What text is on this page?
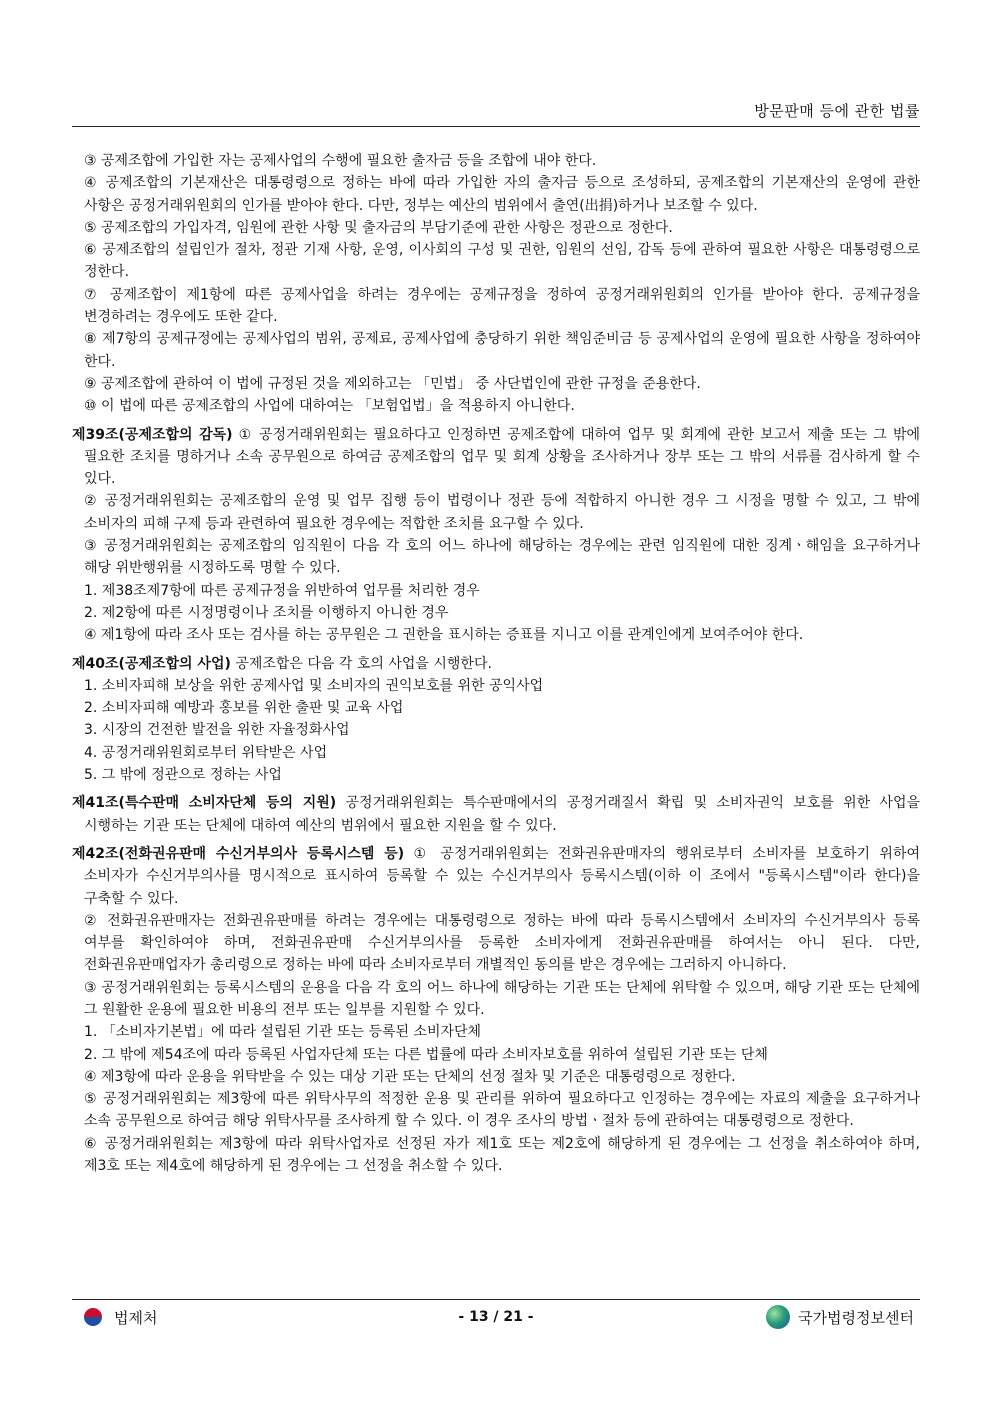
방문판매 등에 관한 법률
③ 공제조합에 가입한 자는 공제사업의 수행에 필요한 출자금 등을 조합에 내야 한다.
④ 공제조합의 기본재산은 대통령령으로 정하는 바에 따라 가입한 자의 출자금 등으로 조성하되, 공제조합의 기본재산의 운영에 관한 사항은 공정거래위원회의 인가를 받아야 한다. 다만, 정부는 예산의 범위에서 출연(出捐)하거나 보조할 수 있다.
⑤ 공제조합의 가입자격, 임원에 관한 사항 및 출자금의 부담기준에 관한 사항은 정관으로 정한다.
⑥ 공제조합의 설립인가 절차, 정관 기재 사항, 운영, 이사회의 구성 및 권한, 임원의 선임, 감독 등에 관하여 필요한 사항은 대통령령으로 정한다.
⑦ 공제조합이 제1항에 따른 공제사업을 하려는 경우에는 공제규정을 정하여 공정거래위원회의 인가를 받아야 한다. 공제규정을 변경하려는 경우에도 또한 같다.
⑧ 제7항의 공제규정에는 공제사업의 범위, 공제료, 공제사업에 충당하기 위한 책임준비금 등 공제사업의 운영에 필요한 사항을 정하여야 한다.
⑨ 공제조합에 관하여 이 법에 규정된 것을 제외하고는 「민법」 중 사단법인에 관한 규정을 준용한다.
⑩ 이 법에 따른 공제조합의 사업에 대하여는 「보험업법」을 적용하지 아니한다.
제39조(공제조합의 감독) ① 공정거래위원회는 필요하다고 인정하면 공제조합에 대하여 업무 및 회계에 관한 보고서 제출 또는 그 밖에 필요한 조치를 명하거나 소속 공무원으로 하여금 공제조합의 업무 및 회계 상황을 조사하거나 장부 또는 그 밖의 서류를 검사하게 할 수 있다.
② 공정거래위원회는 공제조합의 운영 및 업무 집행 등이 법령이나 정관 등에 적합하지 아니한 경우 그 시정을 명할 수 있고, 그 밖에 소비자의 피해 구제 등과 관련하여 필요한 경우에는 적합한 조치를 요구할 수 있다.
③ 공정거래위원회는 공제조합의 임직원이 다음 각 호의 어느 하나에 해당하는 경우에는 관련 임직원에 대한 징계ㆍ해임을 요구하거나 해당 위반행위를 시정하도록 명할 수 있다.
1. 제38조제7항에 따른 공제규정을 위반하여 업무를 처리한 경우
2. 제2항에 따른 시정명령이나 조치를 이행하지 아니한 경우
④ 제1항에 따라 조사 또는 검사를 하는 공무원은 그 권한을 표시하는 증표를 지니고 이를 관계인에게 보여주어야 한다.
제40조(공제조합의 사업) 공제조합은 다음 각 호의 사업을 시행한다.
1. 소비자피해 보상을 위한 공제사업 및 소비자의 권익보호를 위한 공익사업
2. 소비자피해 예방과 홍보를 위한 출판 및 교육 사업
3. 시장의 건전한 발전을 위한 자율정화사업
4. 공정거래위원회로부터 위탁받은 사업
5. 그 밖에 정관으로 정하는 사업
제41조(특수판매 소비자단체 등의 지원) 공정거래위원회는 특수판매에서의 공정거래질서 확립 및 소비자권익 보호를 위한 사업을 시행하는 기관 또는 단체에 대하여 예산의 범위에서 필요한 지원을 할 수 있다.
제42조(전화권유판매 수신거부의사 등록시스템 등) ① 공정거래위원회는 전화권유판매자의 행위로부터 소비자를 보호하기 위하여 소비자가 수신거부의사를 명시적으로 표시하여 등록할 수 있는 수신거부의사 등록시스템(이하 이 조에서 "등록시스템"이라 한다)을 구축할 수 있다.
② 전화권유판매자는 전화권유판매를 하려는 경우에는 대통령령으로 정하는 바에 따라 등록시스템에서 소비자의 수신거부의사 등록 여부를 확인하여야 하며, 전화권유판매 수신거부의사를 등록한 소비자에게 전화권유판매를 하여서는 아니 된다. 다만, 전화권유판매업자가 총리령으로 정하는 바에 따라 소비자로부터 개별적인 동의를 받은 경우에는 그러하지 아니하다.
③ 공정거래위원회는 등록시스템의 운용을 다음 각 호의 어느 하나에 해당하는 기관 또는 단체에 위탁할 수 있으며, 해당 기관 또는 단체에 그 원활한 운용에 필요한 비용의 전부 또는 일부를 지원할 수 있다.
1. 「소비자기본법」에 따라 설립된 기관 또는 등록된 소비자단체
2. 그 밖에 제54조에 따라 등록된 사업자단체 또는 다른 법률에 따라 소비자보호를 위하여 설립된 기관 또는 단체
④ 제3항에 따라 운용을 위탁받을 수 있는 대상 기관 또는 단체의 선정 절차 및 기준은 대통령령으로 정한다.
⑤ 공정거래위원회는 제3항에 따른 위탁사무의 적정한 운용 및 관리를 위하여 필요하다고 인정하는 경우에는 자료의 제출을 요구하거나 소속 공무원으로 하여금 해당 위탁사무를 조사하게 할 수 있다. 이 경우 조사의 방법ㆍ절차 등에 관하여는 대통령령으로 정한다.
⑥ 공정거래위원회는 제3항에 따라 위탁사업자로 선정된 자가 제1호 또는 제2호에 해당하게 된 경우에는 그 선정을 취소하여야 하며, 제3호 또는 제4호에 해당하게 된 경우에는 그 선정을 취소할 수 있다.
법제처	- 13 / 21 -	국가법령정보센터
